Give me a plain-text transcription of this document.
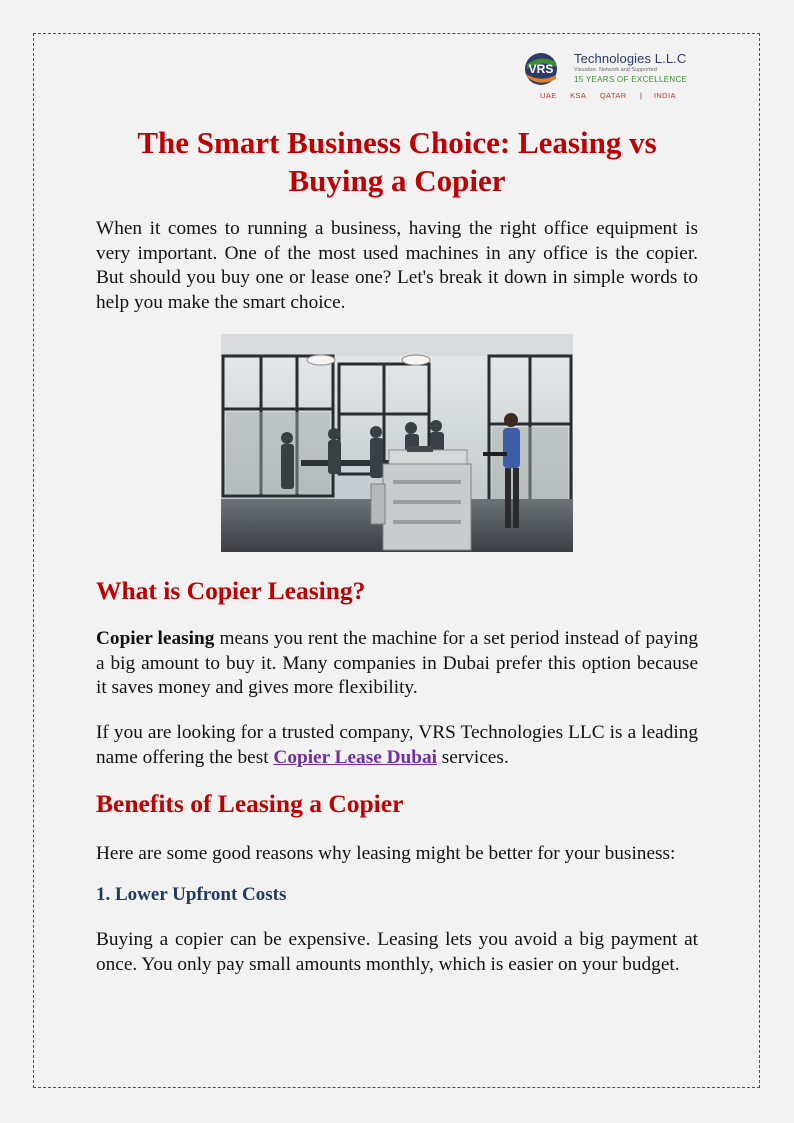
VRS
Technologies L.L.C
Visualize. Network and Supported
15 YEARS OF EXCELLENCE
UAE KSA QATAR | INDIA
The Smart Business Choice: Leasing vs Buying a Copier

When it comes to running a business, having the right office equipment is very important. One of the most used machines in any office is the copier. But should you buy one or lease one? Let's break it down in simple words to help you make the smart choice.

What is Copier Leasing?

Copier leasing means you rent the machine for a set period instead of paying a big amount to buy it. Many companies in Dubai prefer this option because it saves money and gives more flexibility.

If you are looking for a trusted company, VRS Technologies LLC is a leading name offering the best Copier Lease Dubai services.

Benefits of Leasing a Copier

Here are some good reasons why leasing might be better for your business:

1. Lower Upfront Costs

Buying a copier can be expensive. Leasing lets you avoid a big payment at once. You only pay small amounts monthly, which is easier on your budget.
